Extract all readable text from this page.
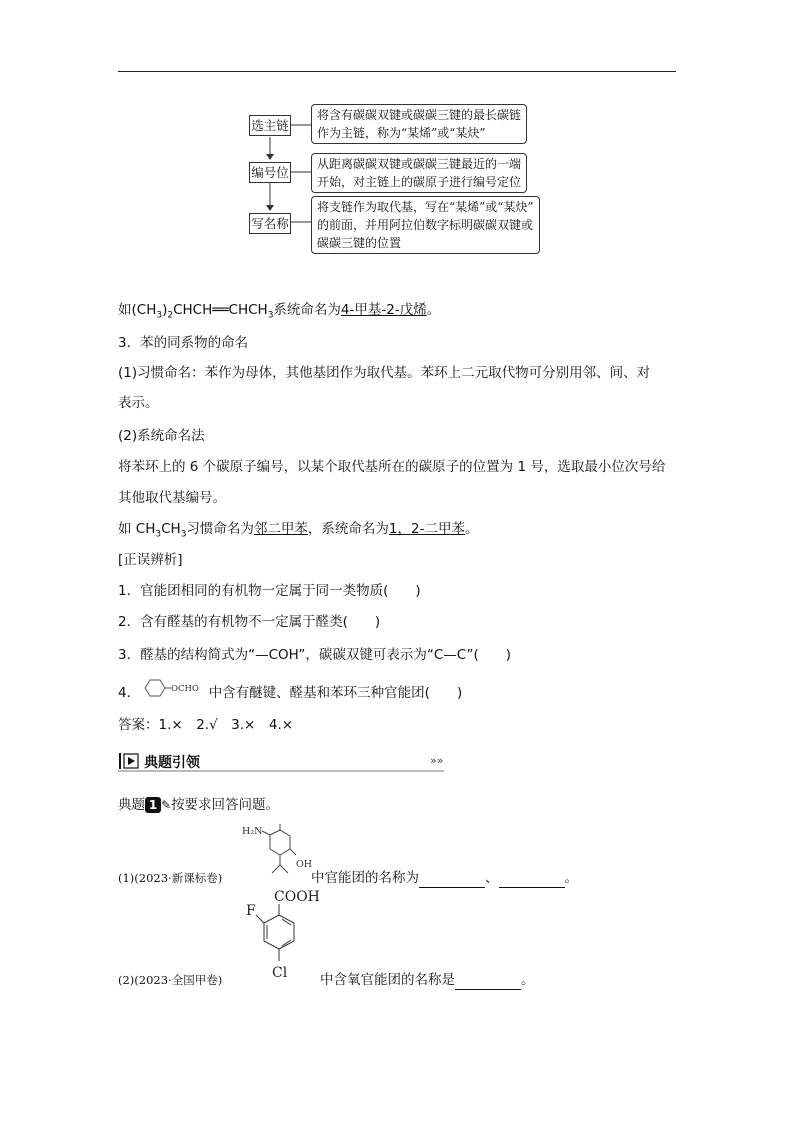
选主链
将含有碳碳双键或碳碳三键的最长碳链
作为主链，称为“某烯”或“某炔”
编号位
从距离碳碳双键或碳碳三键最近的一端
开始，对主链上的碳原子进行编号定位
写名称
将支链作为取代基，写在“某烯”或“某炔”
的前面，并用阿拉伯数字标明碳碳双键或
碳碳三键的位置
如$(CH_3)_2CHCH══CHCH_3$系统命名为4-甲基-2-戊烯。
3．苯的同系物的命名
(1)习惯命名：苯作为母体，其他基团作为取代基。苯环上二元取代物可分别用邻、间、对
表示。
(2)系统命名法
将苯环上的 6 个碳原子编号，以某个取代基所在的碳原子的位置为 1 号，选取最小位次号给
其他取代基编号。
如 $CH_3CH_3$习惯命名为邻二甲苯，系统命名为1，2-二甲苯。
[正误辨析]
1．官能团相同的有机物一定属于同一类物质(　　)
2．含有醛基的有机物不一定属于醛类(　　)
3．醛基的结构简式为“—COH”，碳碳双键可表示为“C—C”(　　)
4．	中含有醚键、醛基和苯环三种官能团(　　)
OCHO
答案：1.×　2.√　3.×　4.×
典题引领	»»
典题 1 ✎按要求回答问题。
H₂N
OH
(1)(2023·新课标卷)	中官能团的名称为	、	。
COOH
F
Cl
(2)(2023·全国甲卷)	中含氧官能团的名称是	。
